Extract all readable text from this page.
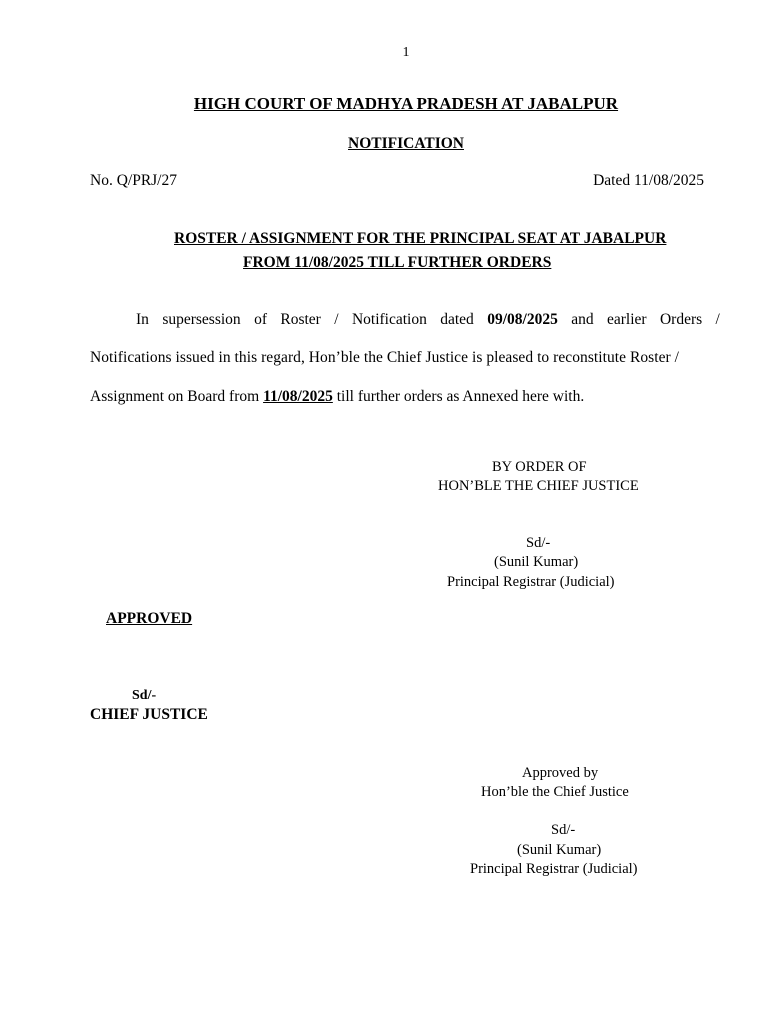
1
HIGH COURT OF MADHYA PRADESH AT JABALPUR
NOTIFICATION
No. Q/PRJ/27	Dated 11/08/2025
ROSTER / ASSIGNMENT FOR THE PRINCIPAL SEAT AT JABALPUR
FROM 11/08/2025 TILL FURTHER ORDERS
In supersession of Roster / Notification dated 09/08/2025 and earlier Orders /
Notifications issued in this regard, Hon’ble the Chief Justice is pleased to reconstitute Roster /
Assignment on Board from 11/08/2025 till further orders as Annexed here with.
BY ORDER OF
HON’BLE THE CHIEF JUSTICE
Sd/-
(Sunil Kumar)
Principal Registrar (Judicial)
APPROVED
Sd/-
CHIEF JUSTICE
Approved by
Hon’ble the Chief Justice
Sd/-
(Sunil Kumar)
Principal Registrar (Judicial)
